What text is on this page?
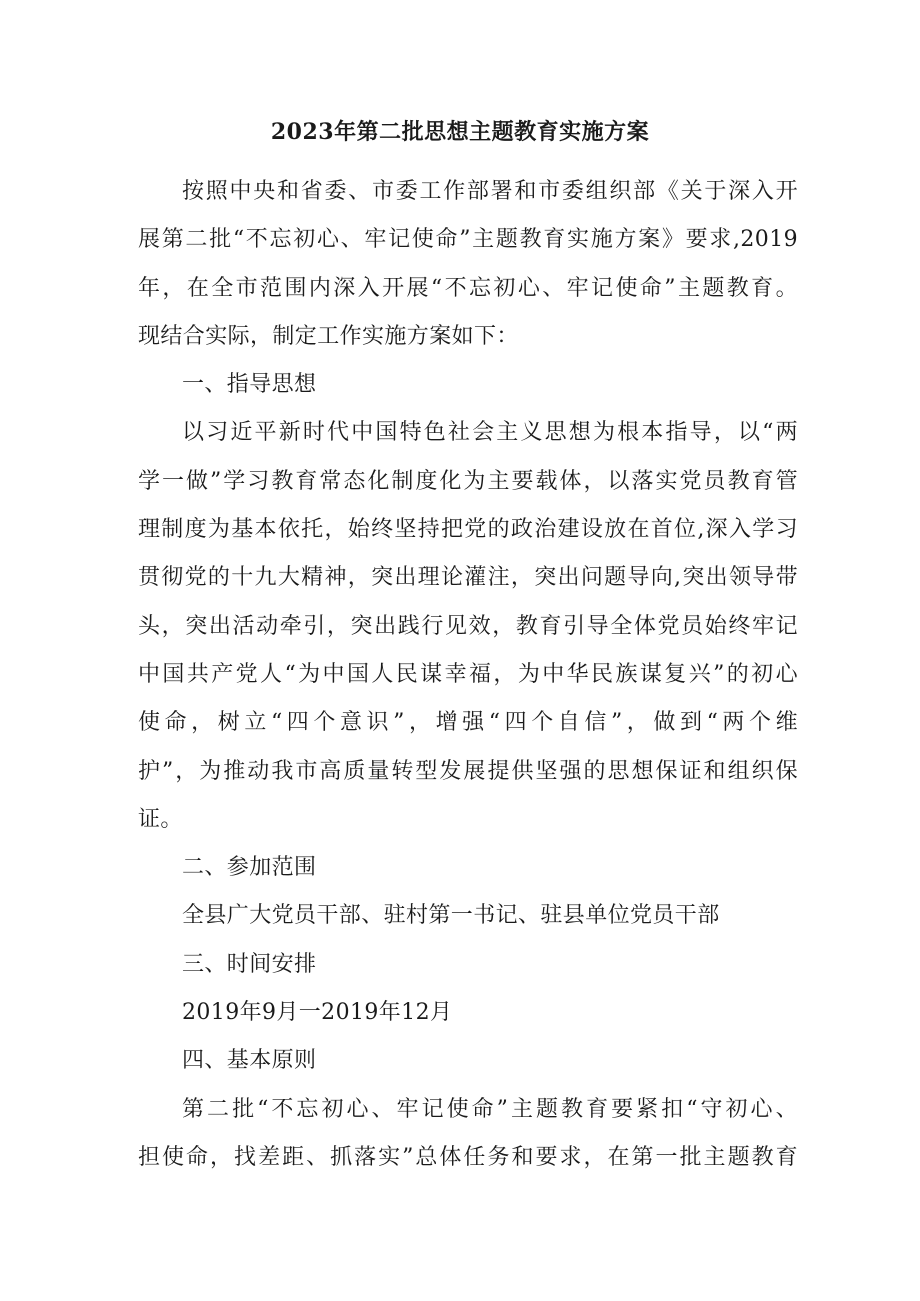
2023年第二批思想主题教育实施方案
按照中央和省委、市委工作部署和市委组织部《关于深入开
展第二批“不忘初心、牢记使命”主题教育实施方案》要求,2019
年，在全市范围内深入开展“不忘初心、牢记使命”主题教育。
现结合实际，制定工作实施方案如下：
一、指导思想
以习近平新时代中国特色社会主义思想为根本指导，以“两
学一做”学习教育常态化制度化为主要载体，以落实党员教育管
理制度为基本依托，始终坚持把党的政治建设放在首位,深入学习
贯彻党的十九大精神，突出理论灌注，突出问题导向,突出领导带
头，突出活动牵引，突出践行见效，教育引导全体党员始终牢记
中国共产党人“为中国人民谋幸福，为中华民族谋复兴”的初心
使命，树立“四个意识”，增强“四个自信”，做到“两个维
护”，为推动我市高质量转型发展提供坚强的思想保证和组织保
证。
二、参加范围
全县广大党员干部、驻村第一书记、驻县单位党员干部
三、时间安排
2019年9月一2019年12月
四、基本原则
第二批“不忘初心、牢记使命”主题教育要紧扣“守初心、
担使命，找差距、抓落实”总体任务和要求，在第一批主题教育
